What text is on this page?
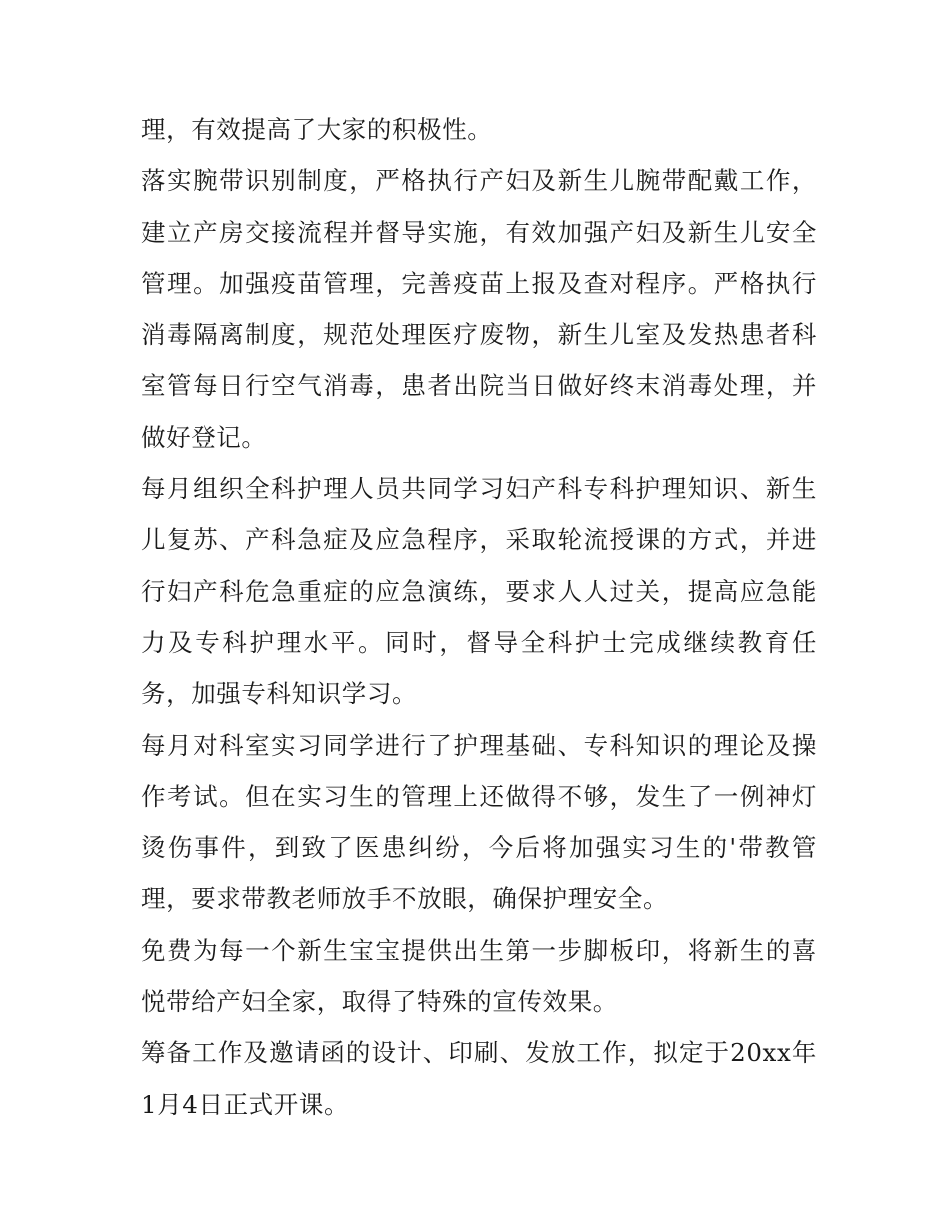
理，有效提高了大家的积极性。

落实腕带识别制度，严格执行产妇及新生儿腕带配戴工作，建立产房交接流程并督导实施，有效加强产妇及新生儿安全管理。加强疫苗管理，完善疫苗上报及查对程序。严格执行消毒隔离制度，规范处理医疗废物，新生儿室及发热患者科室管每日行空气消毒，患者出院当日做好终末消毒处理，并做好登记。

每月组织全科护理人员共同学习妇产科专科护理知识、新生儿复苏、产科急症及应急程序，采取轮流授课的方式，并进行妇产科危急重症的应急演练，要求人人过关，提高应急能力及专科护理水平。同时，督导全科护士完成继续教育任务，加强专科知识学习。

每月对科室实习同学进行了护理基础、专科知识的理论及操作考试。但在实习生的管理上还做得不够，发生了一例神灯烫伤事件，到致了医患纠纷，今后将加强实习生的'带教管理，要求带教老师放手不放眼，确保护理安全。

免费为每一个新生宝宝提供出生第一步脚板印，将新生的喜悦带给产妇全家，取得了特殊的宣传效果。

筹备工作及邀请函的设计、印刷、发放工作，拟定于20xx年1月4日正式开课。
